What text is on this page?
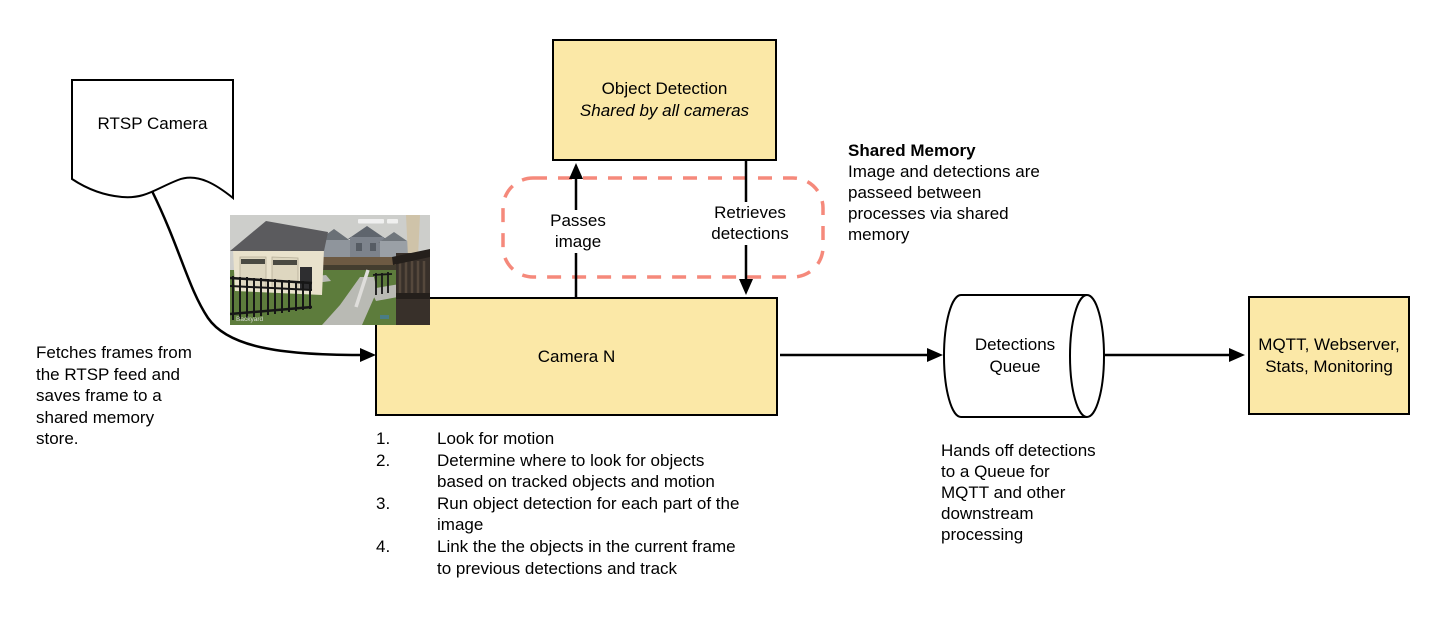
Object Detection
Shared by all cameras
Camera N
MQTT, Webserver,
Stats, Monitoring
Backyard
RTSP Camera
Fetches frames from
the RTSP feed and
saves frame to a
shared memory
store.
Passes
image
Retrieves
detections
Shared Memory
Image and detections are
passeed between
processes via shared
memory
1.	Look for motion
2.	Determine where to look for objects
based on tracked objects and motion
3.	Run object detection for each part of the
image
4.	Link the the objects in the current frame
to previous detections and track
Detections
Queue
Hands off detections
to a Queue for
MQTT and other
downstream
processing
